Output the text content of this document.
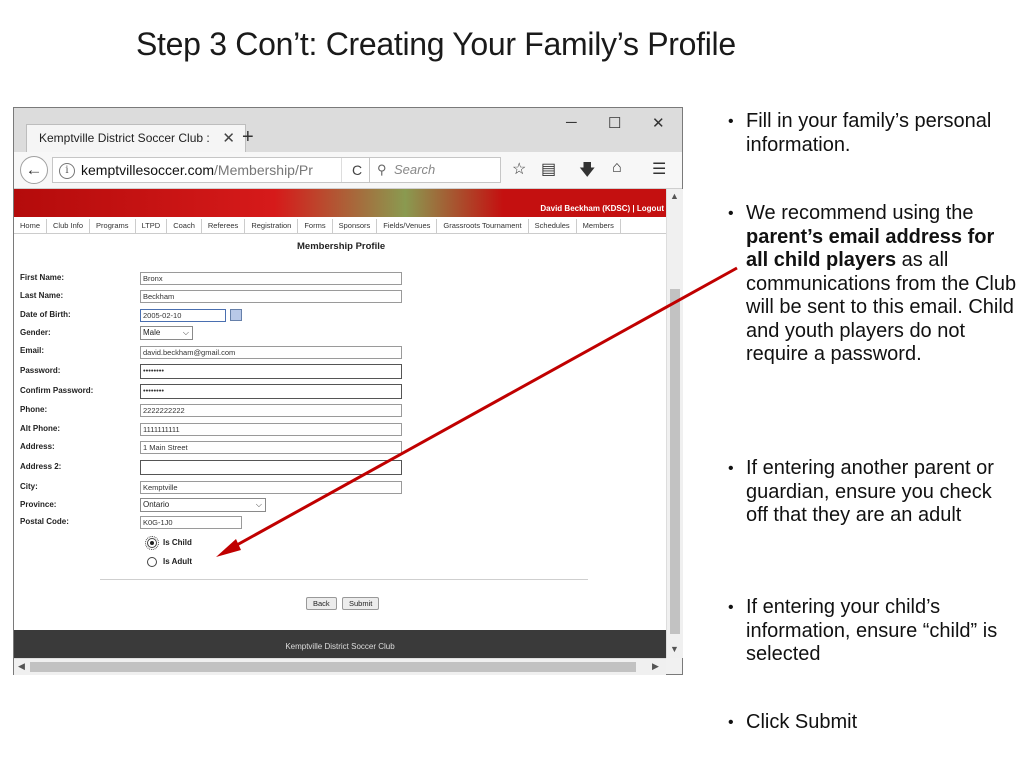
Step 3 Con’t: Creating Your Family’s Profile
Kemptville District Soccer Club : ✕ +
─ ☐ ✕
←	i kemptvillesoccer.com/Membership/Pr	C	⚲ Search	☆ ▤ 🡇 ⌂ ☰
David Beckham (KDSC) | Logout
Home	Club Info	Programs	LTPD	Coach	Referees	Registration	Forms	Sponsors	Fields/Venues	Grassroots Tournament	Schedules	Members
Membership Profile
First Name:	Bronx
Last Name:	Beckham
Date of Birth:	2005-02-10
Gender:	Male	⌵
Email:	david.beckham@gmail.com
Password:	••••••••
Confirm Password:	••••••••
Phone:	2222222222
Alt Phone:	1111111111
Address:	1 Main Street
Address 2:
City:	Kemptville
Province:	Ontario	⌵
Postal Code:	K0G-1J0
Is Child
Is Adult
Back	Submit
Kemptville District Soccer Club
▲
▼
◀	▶
• Fill in your family’s personal information.
• We recommend using the parent’s email address for all child players as all communications from the Club will be sent to this email. Child and youth players do not require a password.
• If entering another parent or guardian, ensure you check off that they are an adult
• If entering your child’s information, ensure “child” is selected
• Click Submit
